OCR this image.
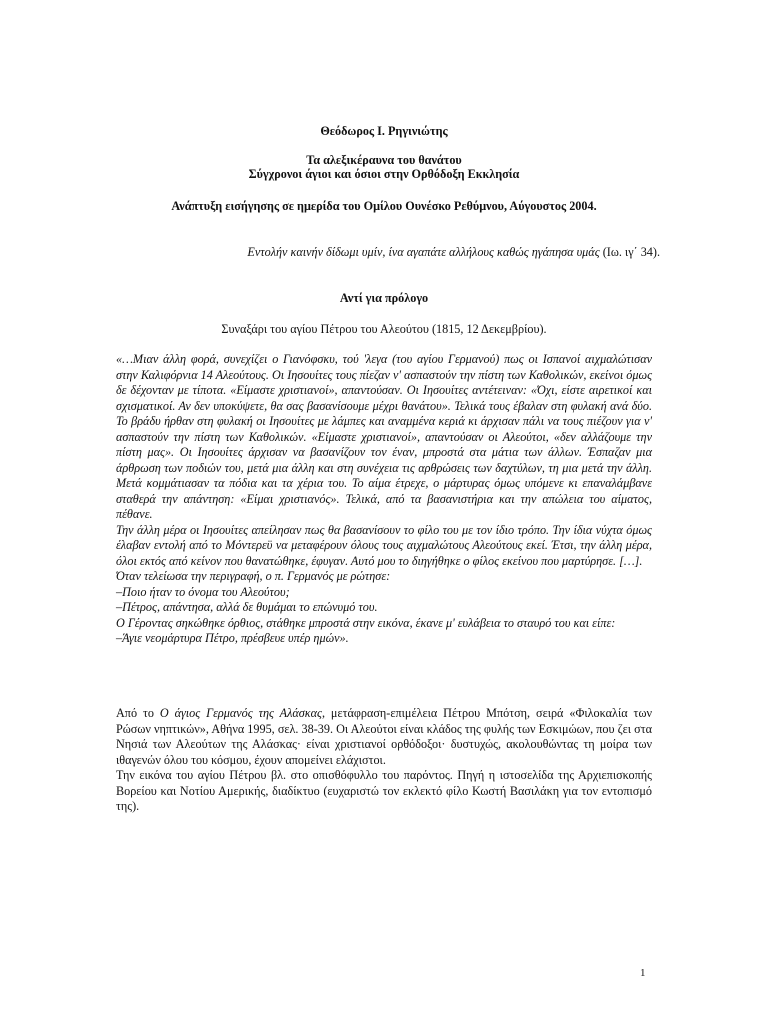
Θεόδωρος Ι. Ρηγινιώτης
Τα αλεξικέραυνα του θανάτου
Σύγχρονοι άγιοι και όσιοι στην Ορθόδοξη Εκκλησία
Ανάπτυξη εισήγησης σε ημερίδα του Ομίλου Ουνέσκο Ρεθύμνου, Αύγουστος 2004.
Εντολήν καινήν δίδωμι υμίν, ίνα αγαπάτε αλλήλους καθώς ηγάπησα υμάς (Ιω. ιγ΄ 34).
Αντί για πρόλογο
Συναξάρι του αγίου Πέτρου του Αλεούτου (1815, 12 Δεκεμβρίου).

«…Μιαν άλλη φορά, συνεχίζει ο Γιανόφσκυ, τού 'λεγα (του αγίου Γερμανού) πως οι Ισπανοί αιχμαλώτισαν στην Καλιφόρνια 14 Αλεούτους. Οι Ιησουίτες τους πίεζαν ν' ασπαστούν την πίστη των Καθολικών, εκείνοι όμως δε δέχονταν με τίποτα. «Είμαστε χριστιανοί», απαντούσαν. Οι Ιησουίτες αντέτειναν: «Όχι, είστε αιρετικοί και σχισματικοί. Αν δεν υποκύψετε, θα σας βασανίσουμε μέχρι θανάτου». Τελικά τους έβαλαν στη φυλακή ανά δύο. Το βράδυ ήρθαν στη φυλακή οι Ιησουίτες με λάμπες και αναμμένα κεριά κι άρχισαν πάλι να τους πιέζουν για ν' ασπαστούν την πίστη των Καθολικών. «Είμαστε χριστιανοί», απαντούσαν οι Αλεούτοι, «δεν αλλάζουμε την πίστη μας». Οι Ιησουίτες άρχισαν να βασανίζουν τον έναν, μπροστά στα μάτια των άλλων. Έσπαζαν μια άρθρωση των ποδιών του, μετά μια άλλη και στη συνέχεια τις αρθρώσεις των δαχτύλων, τη μια μετά την άλλη. Μετά κομμάτιασαν τα πόδια και τα χέρια του. Το αίμα έτρεχε, ο μάρτυρας όμως υπόμενε κι επαναλάμβανε σταθερά την απάντηση: «Είμαι χριστιανός». Τελικά, από τα βασανιστήρια και την απώλεια του αίματος, πέθανε.

Την άλλη μέρα οι Ιησουίτες απείλησαν πως θα βασανίσουν το φίλο του με τον ίδιο τρόπο. Την ίδια νύχτα όμως έλαβαν εντολή από το Μόντερεϋ να μεταφέρουν όλους τους αιχμαλώτους Αλεούτους εκεί. Έτσι, την άλλη μέρα, όλοι εκτός από κείνον που θανατώθηκε, έφυγαν. Αυτό μου το διηγήθηκε ο φίλος εκείνου που μαρτύρησε. […].

Όταν τελείωσα την περιγραφή, ο π. Γερμανός με ρώτησε:

–Ποιο ήταν το όνομα του Αλεούτου;

–Πέτρος, απάντησα, αλλά δε θυμάμαι το επώνυμό του.

Ο Γέροντας σηκώθηκε όρθιος, στάθηκε μπροστά στην εικόνα, έκανε μ' ευλάβεια το σταυρό του και είπε:

–Άγιε νεομάρτυρα Πέτρο, πρέσβευε υπέρ ημών».

Από το Ο άγιος Γερμανός της Αλάσκας, μετάφραση-επιμέλεια Πέτρου Μπότση, σειρά «Φιλοκαλία των Ρώσων νηπτικών», Αθήνα 1995, σελ. 38-39. Οι Αλεούτοι είναι κλάδος της φυλής των Εσκιμώων, που ζει στα Νησιά των Αλεούτων της Αλάσκας· είναι χριστιανοί ορθόδοξοι· δυστυχώς, ακολουθώντας τη μοίρα των ιθαγενών όλου του κόσμου, έχουν απομείνει ελάχιστοι.

Την εικόνα του αγίου Πέτρου βλ. στο οπισθόφυλλο του παρόντος. Πηγή η ιστοσελίδα της Αρχιεπισκοπής Βορείου και Νοτίου Αμερικής, διαδίκτυο (ευχαριστώ τον εκλεκτό φίλο Κωστή Βασιλάκη για τον εντοπισμό της).

1
